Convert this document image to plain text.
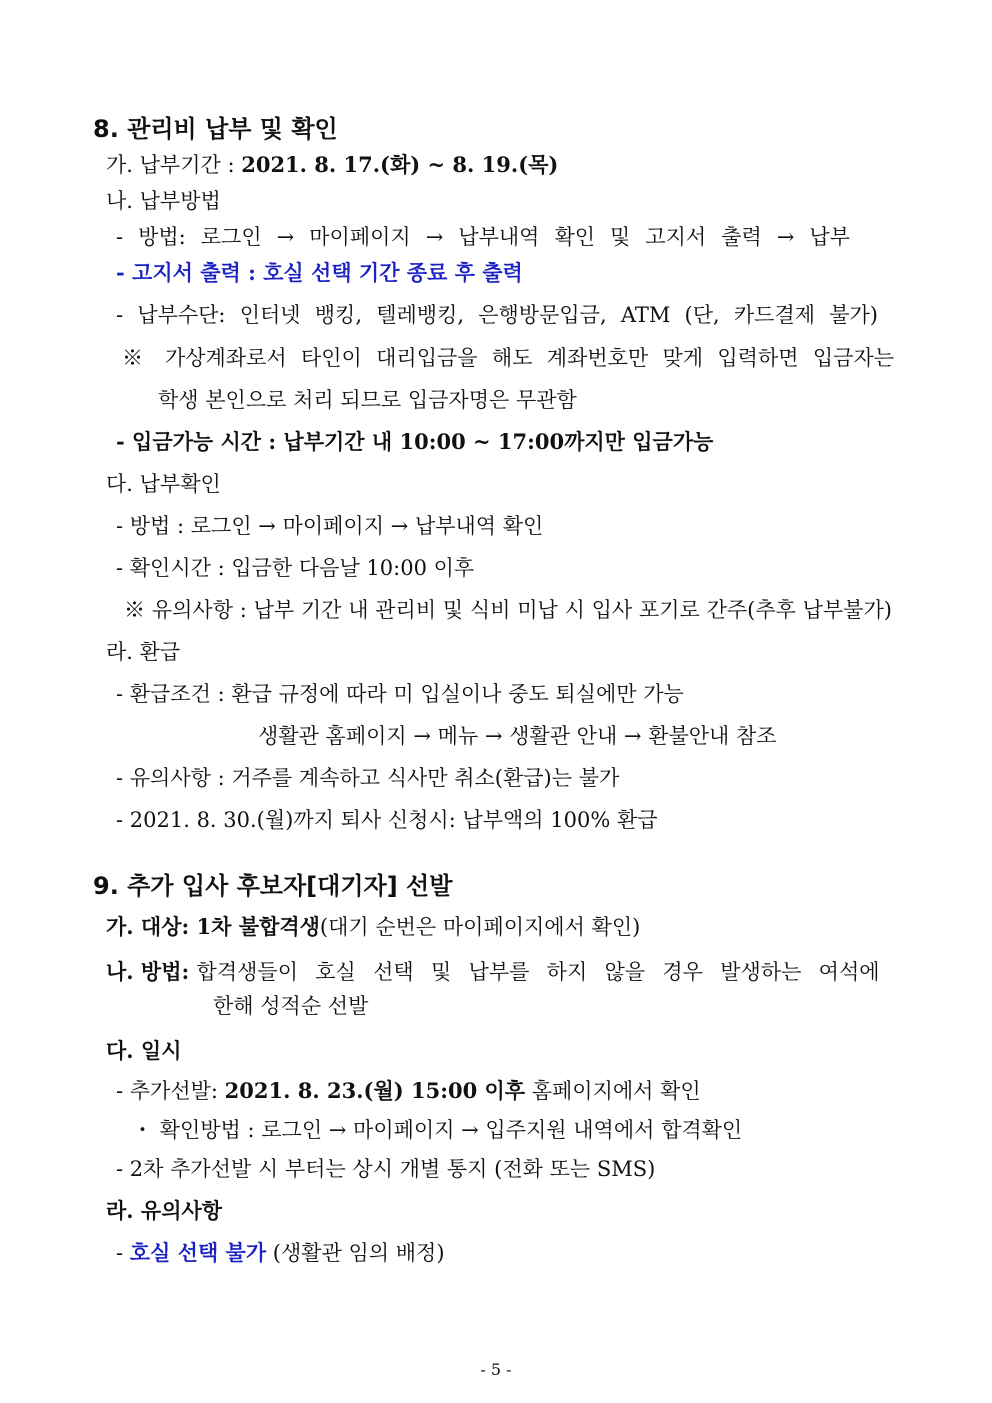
8. 관리비 납부 및 확인
가. 납부기간 : 2021. 8. 17.(화) ~ 8. 19.(목)
나. 납부방법
- 방법: 로그인 → 마이페이지 → 납부내역 확인 및 고지서 출력 → 납부
- 고지서 출력 : 호실 선택 기간 종료 후 출력
- 납부수단: 인터넷 뱅킹, 텔레뱅킹, 은행방문입금, ATM (단, 카드결제 불가)
※ 가상계좌로서 타인이 대리입금을 해도 계좌번호만 맞게 입력하면 입금자는
학생 본인으로 처리 되므로 입금자명은 무관함
- 입금가능 시간 : 납부기간 내 10:00 ~ 17:00까지만 입금가능
다. 납부확인
- 방법 : 로그인 → 마이페이지 → 납부내역 확인
- 확인시간 : 입금한 다음날 10:00 이후
※ 유의사항 : 납부 기간 내 관리비 및 식비 미납 시 입사 포기로 간주(추후 납부불가)
라. 환급
- 환급조건 : 환급 규정에 따라 미 입실이나 중도 퇴실에만 가능
생활관 홈페이지 → 메뉴 → 생활관 안내 → 환불안내 참조
- 유의사항 : 거주를 계속하고 식사만 취소(환급)는 불가
- 2021. 8. 30.(월)까지 퇴사 신청시: 납부액의 100% 환급
9. 추가 입사 후보자[대기자] 선발
가. 대상: 1차 불합격생(대기 순번은 마이페이지에서 확인)
나. 방법: 합격생들이 호실 선택 및 납부를 하지 않을 경우 발생하는 여석에
한해 성적순 선발
다. 일시
- 추가선발: 2021. 8. 23.(월) 15:00 이후 홈페이지에서 확인
・ 확인방법 : 로그인 → 마이페이지 → 입주지원 내역에서 합격확인
- 2차 추가선발 시 부터는 상시 개별 통지 (전화 또는 SMS)
라. 유의사항
- 호실 선택 불가 (생활관 임의 배정)
- 5 -
